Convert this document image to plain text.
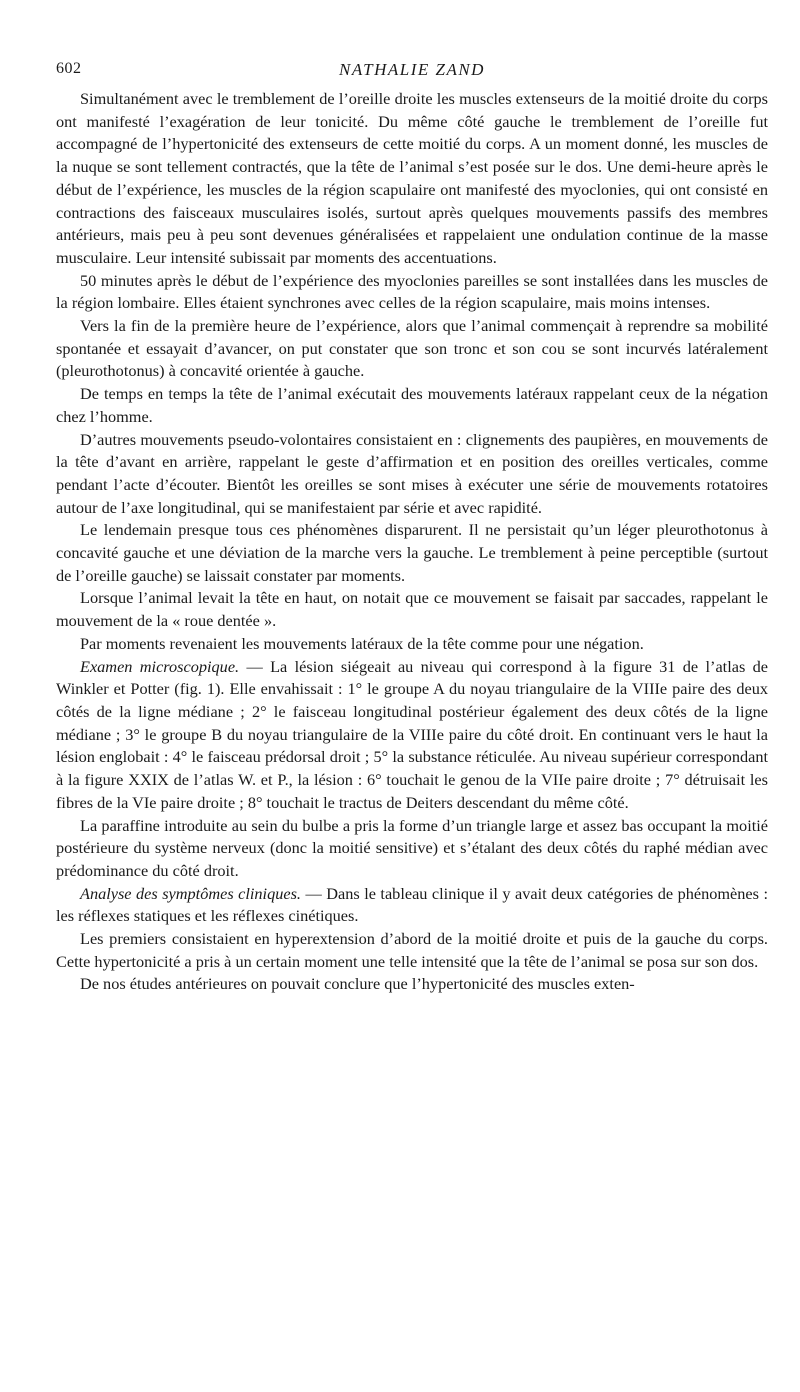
602	NATHALIE ZAND

Simultanément avec le tremblement de l’oreille droite les muscles extenseurs de la moitié droite du corps ont manifesté l’exagération de leur tonicité. Du même côté gauche le tremblement de l’oreille fut accompagné de l’hypertonicité des extenseurs de cette moitié du corps. A un moment donné, les muscles de la nuque se sont tellement contractés, que la tête de l’animal s’est posée sur le dos. Une demi-heure après le début de l’expérience, les muscles de la région scapulaire ont manifesté des myoclonies, qui ont consisté en contractions des faisceaux musculaires isolés, surtout après quelques mouvements passifs des membres antérieurs, mais peu à peu sont devenues généralisées et rappelaient une ondulation continue de la masse musculaire. Leur intensité subissait par moments des accentuations.

50 minutes après le début de l’expérience des myoclonies pareilles se sont installées dans les muscles de la région lombaire. Elles étaient synchrones avec celles de la région scapulaire, mais moins intenses.

Vers la fin de la première heure de l’expérience, alors que l’animal commençait à reprendre sa mobilité spontanée et essayait d’avancer, on put constater que son tronc et son cou se sont incurvés latéralement (pleurothotonus) à concavité orientée à gauche.

De temps en temps la tête de l’animal exécutait des mouvements latéraux rappelant ceux de la négation chez l’homme.

D’autres mouvements pseudo-volontaires consistaient en : clignements des paupières, en mouvements de la tête d’avant en arrière, rappelant le geste d’affirmation et en position des oreilles verticales, comme pendant l’acte d’écouter. Bientôt les oreilles se sont mises à exécuter une série de mouvements rotatoires autour de l’axe longitudinal, qui se manifestaient par série et avec rapidité.

Le lendemain presque tous ces phénomènes disparurent. Il ne persistait qu’un léger pleurothotonus à concavité gauche et une déviation de la marche vers la gauche. Le tremblement à peine perceptible (surtout de l’oreille gauche) se laissait constater par moments.

Lorsque l’animal levait la tête en haut, on notait que ce mouvement se faisait par saccades, rappelant le mouvement de la « roue dentée ».

Par moments revenaient les mouvements latéraux de la tête comme pour une négation.

Examen microscopique. — La lésion siégeait au niveau qui correspond à la figure 31 de l’atlas de Winkler et Potter (fig. 1). Elle envahissait : 1° le groupe A du noyau triangulaire de la VIIIe paire des deux côtés de la ligne médiane ; 2° le faisceau longitudinal postérieur également des deux côtés de la ligne médiane ; 3° le groupe B du noyau triangulaire de la VIIIe paire du côté droit. En continuant vers le haut la lésion englobait : 4° le faisceau prédorsal droit ; 5° la substance réticulée. Au niveau supérieur correspondant à la figure XXIX de l’atlas W. et P., la lésion : 6° touchait le genou de la VIIe paire droite ; 7° détruisait les fibres de la VIe paire droite ; 8° touchait le tractus de Deiters descendant du même côté.

La paraffine introduite au sein du bulbe a pris la forme d’un triangle large et assez bas occupant la moitié postérieure du système nerveux (donc la moitié sensitive) et s’étalant des deux côtés du raphé médian avec prédominance du côté droit.

Analyse des symptômes cliniques. — Dans le tableau clinique il y avait deux catégories de phénomènes : les réflexes statiques et les réflexes cinétiques.

Les premiers consistaient en hyperextension d’abord de la moitié droite et puis de la gauche du corps. Cette hypertonicité a pris à un certain moment une telle intensité que la tête de l’animal se posa sur son dos.

De nos études antérieures on pouvait conclure que l’hypertonicité des muscles exten-
